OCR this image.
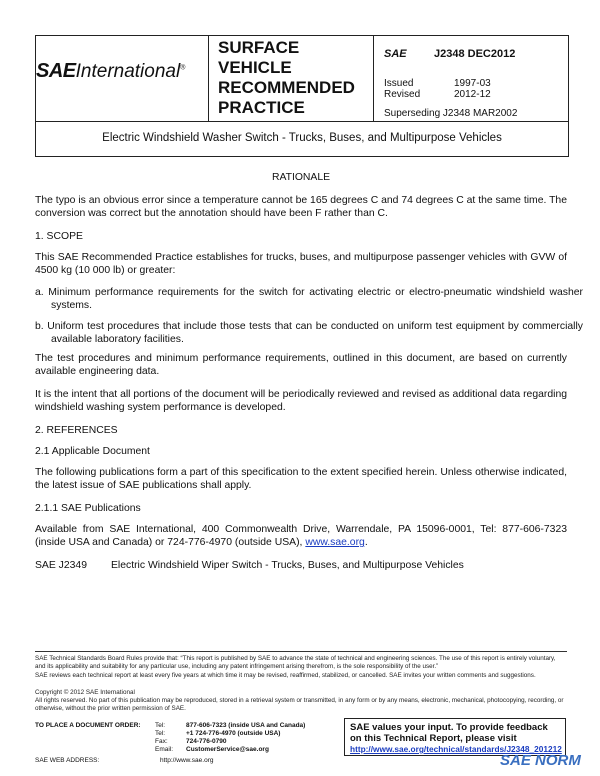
SAEInternational®
SURFACE
VEHICLE
RECOMMENDED
PRACTICE
SAE J2348 DEC2012
Issued	1997-03
Revised	2012-12
Superseding J2348 MAR2002
Electric Windshield Washer Switch - Trucks, Buses, and Multipurpose Vehicles
RATIONALE
The typo is an obvious error since a temperature cannot be 165 degrees C and 74 degrees C at the same time. The conversion was correct but the annotation should have been F rather than C.
1. SCOPE
This SAE Recommended Practice establishes for trucks, buses, and multipurpose passenger vehicles with GVW of 4500 kg (10 000 lb) or greater:
a. Minimum performance requirements for the switch for activating electric or electro-pneumatic windshield washer systems.
b. Uniform test procedures that include those tests that can be conducted on uniform test equipment by commercially available laboratory facilities.
The test procedures and minimum performance requirements, outlined in this document, are based on currently available engineering data.
It is the intent that all portions of the document will be periodically reviewed and revised as additional data regarding windshield washing system performance is developed.
2. REFERENCES
2.1 Applicable Document
The following publications form a part of this specification to the extent specified herein. Unless otherwise indicated, the latest issue of SAE publications shall apply.
2.1.1 SAE Publications
Available from SAE International, 400 Commonwealth Drive, Warrendale, PA 15096-0001, Tel: 877-606-7323 (inside USA and Canada) or 724-776-4970 (outside USA), www.sae.org.
SAE J2349 Electric Windshield Wiper Switch - Trucks, Buses, and Multipurpose Vehicles
SAE Technical Standards Board Rules provide that: “This report is published by SAE to advance the state of technical and engineering sciences. The use of this report is entirely voluntary, and its applicability and suitability for any particular use, including any patent infringement arising therefrom, is the sole responsibility of the user.”
SAE reviews each technical report at least every five years at which time it may be revised, reaffirmed, stabilized, or cancelled. SAE invites your written comments and suggestions.
Copyright © 2012 SAE International
All rights reserved. No part of this publication may be reproduced, stored in a retrieval system or transmitted, in any form or by any means, electronic, mechanical, photocopying, recording, or otherwise, without the prior written permission of SAE.
TO PLACE A DOCUMENT ORDER: Tel:	877-606-7323 (inside USA and Canada)
Tel:	+1 724-776-4970 (outside USA)
Fax:	724-776-0790
Email: CustomerService@sae.org
SAE WEB ADDRESS:	http://www.sae.org
SAE values your input. To provide feedback
on this Technical Report, please visit
http://www.sae.org/technical/standards/J2348_201212
SAE NORM
